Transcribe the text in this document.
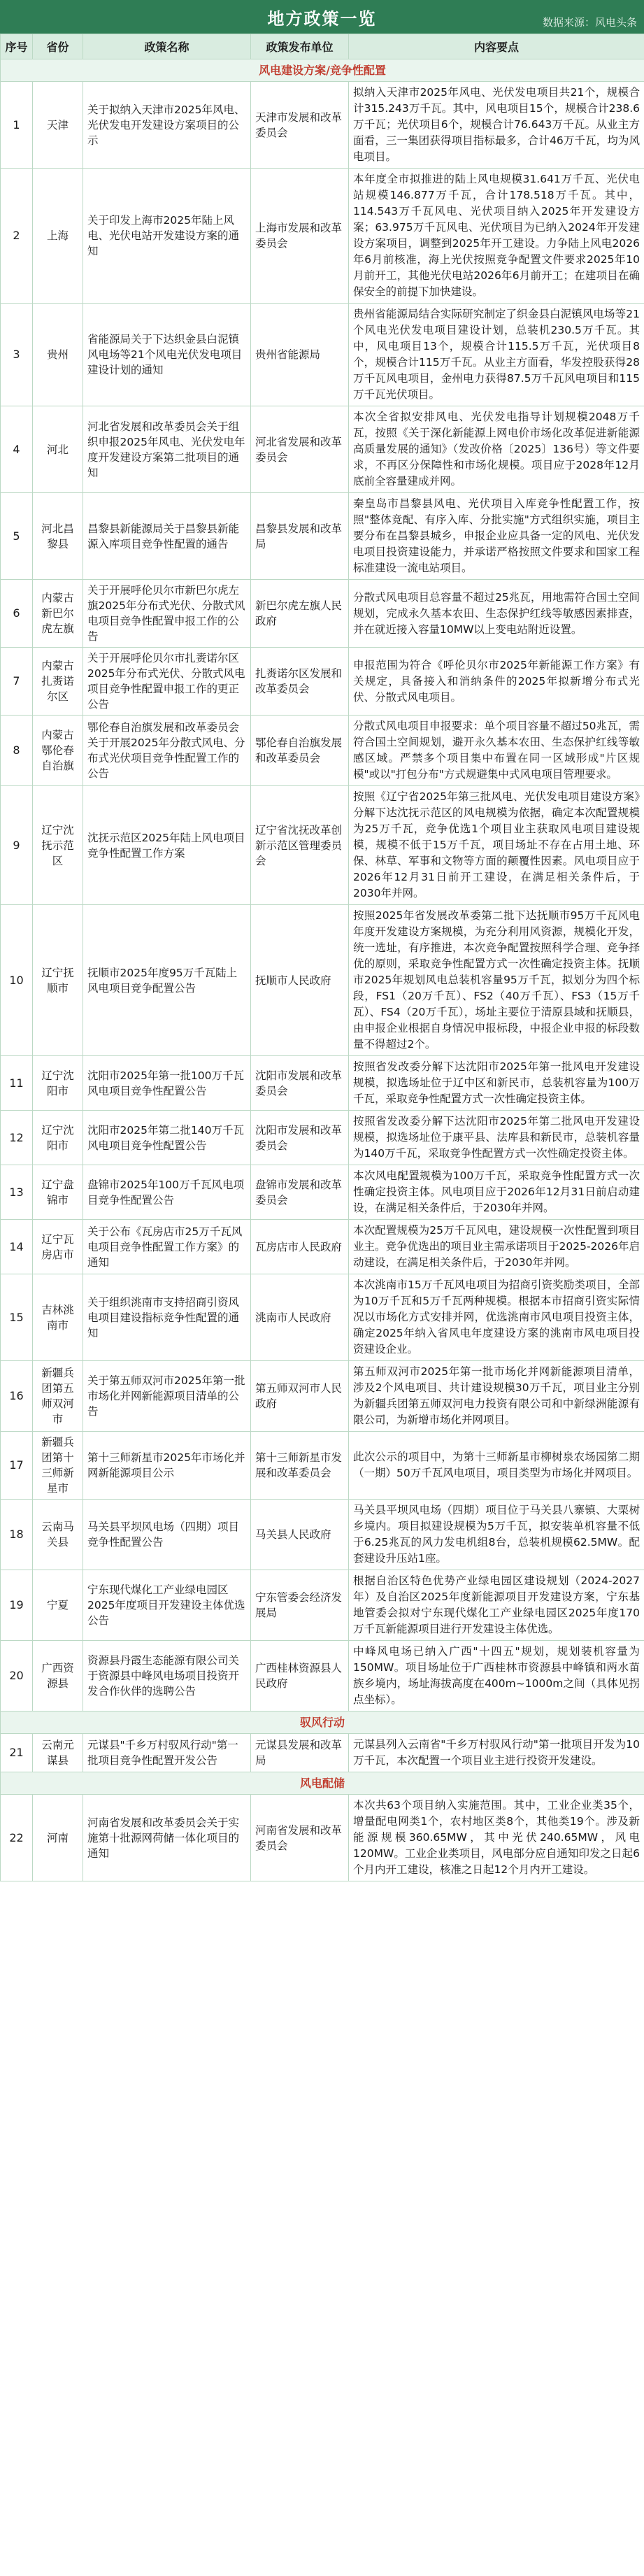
地方政策一览	数据来源：风电头条
序号	省份	政策名称	政策发布单位	内容要点
风电建设方案/竞争性配置				
1	天津	关于拟纳入天津市2025年风电、光伏发电开发建设方案项目的公示	天津市发展和改革委员会	拟纳入天津市2025年风电、光伏发电项目共21个，规模合计315.243万千瓦。其中，风电项目15个，规模合计238.6万千瓦；光伏项目6个，规模合计76.643万千瓦。从业主方面看，三一集团获得项目指标最多，合计46万千瓦，均为风电项目。
2	上海	关于印发上海市2025年陆上风电、光伏电站开发建设方案的通知	上海市发展和改革委员会	本年度全市拟推进的陆上风电规模31.641万千瓦、光伏电站规模146.877万千瓦，合计178.518万千瓦。其中，114.543万千瓦风电、光伏项目纳入2025年开发建设方案；63.975万千瓦风电、光伏项目为已纳入2024年开发建设方案项目，调整到2025年开工建设。力争陆上风电2026年6月前核准，海上光伏按照竞争配置文件要求2025年10月前开工，其他光伏电站2026年6月前开工；在建项目在确保安全的前提下加快建设。
3	贵州	省能源局关于下达织金县白泥镇风电场等21个风电光伏发电项目建设计划的通知	贵州省能源局	贵州省能源局结合实际研究制定了织金县白泥镇风电场等21个风电光伏发电项目建设计划，总装机230.5万千瓦。其中，风电项目13个，规模合计115.5万千瓦，光伏项目8个，规模合计115万千瓦。从业主方面看，华发控股获得28万千瓦风电项目，金州电力获得87.5万千瓦风电项目和115万千瓦光伏项目。
4	河北	河北省发展和改革委员会关于组织申报2025年风电、光伏发电年度开发建设方案第二批项目的通知	河北省发展和改革委员会	本次全省拟安排风电、光伏发电指导计划规模2048万千瓦，按照《关于深化新能源上网电价市场化改革促进新能源高质量发展的通知》（发改价格〔2025〕136号）等文件要求，不再区分保障性和市场化规模。项目应于2028年12月底前全容量建成并网。
5	河北昌黎县	昌黎县新能源局关于昌黎县新能源入库项目竞争性配置的通告	昌黎县发展和改革局	秦皇岛市昌黎县风电、光伏项目入库竞争性配置工作，按照"整体竞配、有序入库、分批实施"方式组织实施，项目主要分布在昌黎县城乡，申报企业应具备一定的风电、光伏发电项目投资建设能力，并承诺严格按照文件要求和国家工程标准建设一流电站项目。
6	内蒙古新巴尔虎左旗	关于开展呼伦贝尔市新巴尔虎左旗2025年分布式光伏、分散式风电项目竞争性配置申报工作的公告	新巴尔虎左旗人民政府	分散式风电项目总容量不超过25兆瓦，用地需符合国土空间规划，完成永久基本农田、生态保护红线等敏感因素排查，并在就近接入容量10MW以上变电站附近设置。
7	内蒙古扎赉诺尔区	关于开展呼伦贝尔市扎赉诺尔区2025年分布式光伏、分散式风电项目竞争性配置申报工作的更正公告	扎赉诺尔区发展和改革委员会	申报范围为符合《呼伦贝尔市2025年新能源工作方案》有关规定，具备接入和消纳条件的2025年拟新增分布式光伏、分散式风电项目。
8	内蒙古鄂伦春自治旗	鄂伦春自治旗发展和改革委员会关于开展2025年分散式风电、分布式光伏项目竞争性配置工作的公告	鄂伦春自治旗发展和改革委员会	分散式风电项目申报要求：单个项目容量不超过50兆瓦，需符合国土空间规划，避开永久基本农田、生态保护红线等敏感区域。严禁多个项目集中布置在同一区域形成"片区规模"或以"打包分布"方式规避集中式风电项目管理要求。
9	辽宁沈抚示范区	沈抚示范区2025年陆上风电项目竞争性配置工作方案	辽宁省沈抚改革创新示范区管理委员会	按照《辽宁省2025年第三批风电、光伏发电项目建设方案》分解下达沈抚示范区的风电规模为依据，确定本次配置规模为25万千瓦，竞争优选1个项目业主获取风电项目建设规模，规模不低于15万千瓦，项目场址不存在占用土地、环保、林草、军事和文物等方面的颠覆性因素。风电项目应于2026年12月31日前开工建设，在满足相关条件后，于2030年并网。
10	辽宁抚顺市	抚顺市2025年度95万千瓦陆上风电项目竞争配置公告	抚顺市人民政府	按照2025年省发展改革委第二批下达抚顺市95万千瓦风电年度开发建设方案规模，为充分利用风资源，规模化开发，统一选址，有序推进，本次竞争配置按照科学合理、竞争择优的原则，采取竞争性配置方式一次性确定投资主体。抚顺市2025年规划风电总装机容量95万千瓦，拟划分为四个标段，FS1（20万千瓦）、FS2（40万千瓦）、FS3（15万千瓦）、FS4（20万千瓦），场址主要位于清原县域和抚顺县，由申报企业根据自身情况申报标段，中报企业申报的标段数量不得超过2个。
11	辽宁沈阳市	沈阳市2025年第一批100万千瓦风电项目竞争性配置公告	沈阳市发展和改革委员会	按照省发改委分解下达沈阳市2025年第一批风电开发建设规模，拟选场址位于辽中区和新民市，总装机容量为100万千瓦，采取竞争性配置方式一次性确定投资主体。
12	辽宁沈阳市	沈阳市2025年第二批140万千瓦风电项目竞争性配置公告	沈阳市发展和改革委员会	按照省发改委分解下达沈阳市2025年第二批风电开发建设规模，拟选场址位于康平县、法库县和新民市，总装机容量为140万千瓦，采取竞争性配置方式一次性确定投资主体。
13	辽宁盘锦市	盘锦市2025年100万千瓦风电项目竞争性配置公告	盘锦市发展和改革委员会	本次风电配置规模为100万千瓦，采取竞争性配置方式一次性确定投资主体。风电项目应于2026年12月31日前启动建设，在满足相关条件后，于2030年并网。
14	辽宁瓦房店市	关于公布《瓦房店市25万千瓦风电项目竞争性配置工作方案》的通知	瓦房店市人民政府	本次配置规模为25万千瓦风电，建设规模一次性配置到项目业主。竞争优选出的项目业主需承诺项目于2025-2026年启动建设，在满足相关条件后，于2030年并网。
15	吉林洮南市	关于组织洮南市支持招商引资风电项目建设指标竞争性配置的通知	洮南市人民政府	本次洮南市15万千瓦风电项目为招商引资奖励类项目，全部为10万千瓦和5万千瓦两种规模。根据本市招商引资实际情况以市场化方式安排并网，优选洮南市风电项目投资主体，确定2025年纳入省风电年度建设方案的洮南市风电项目投资建设企业。
16	新疆兵团第五师双河市	关于第五师双河市2025年第一批市场化并网新能源项目清单的公告	第五师双河市人民政府	第五师双河市2025年第一批市场化并网新能源项目清单，涉及2个风电项目、共计建设规模30万千瓦，项目业主分别为新疆兵团第五师双河电力投资有限公司和中新绿洲能源有限公司，为新增市场化并网项目。
17	新疆兵团第十三师新星市	第十三师新星市2025年市场化并网新能源项目公示	第十三师新星市发展和改革委员会	此次公示的项目中，为第十三师新星市柳树泉农场园第二期（一期）50万千瓦风电项目，项目类型为市场化并网项目。
18	云南马关县	马关县平坝风电场（四期）项目竞争性配置公告	马关县人民政府	马关县平坝风电场（四期）项目位于马关县八寨镇、大栗树乡境内。项目拟建设规模为5万千瓦，拟安装单机容量不低于6.25兆瓦的风力发电机组8台，总装机规模62.5MW。配套建设升压站1座。
19	宁夏	宁东现代煤化工产业绿电园区2025年度项目开发建设主体优选公告	宁东管委会经济发展局	根据自治区特色优势产业绿电园区建设规划（2024-2027年）及自治区2025年度新能源项目开发建设方案，宁东基地管委会拟对宁东现代煤化工产业绿电园区2025年度170万千瓦新能源项目进行开发建设主体优选。
20	广西资源县	资源县丹霞生态能源有限公司关于资源县中峰风电场项目投资开发合作伙伴的选聘公告	广西桂林资源县人民政府	中峰风电场已纳入广西"十四五"规划，规划装机容量为150MW。项目场址位于广西桂林市资源县中峰镇和两水苗族乡境内，场址海拔高度在400m~1000m之间（具体见拐点坐标）。
驭风行动				
21	云南元谋县	元谋县"千乡万村驭风行动"第一批项目竞争性配置开发公告	元谋县发展和改革局	元谋县列入云南省"千乡万村驭风行动"第一批项目开发为10万千瓦，本次配置一个项目业主进行投资开发建设。
风电配储				
22	河南	河南省发展和改革委员会关于实施第十批源网荷储一体化项目的通知	河南省发展和改革委员会	本次共63个项目纳入实施范围。其中，工业企业类35个，增量配电网类1个，农村地区类8个，其他类19个。涉及新能源规模360.65MW，其中光伏240.65MW，风电120MW。工业企业类项目，风电部分应自通知印发之日起6个月内开工建设，核准之日起12个月内开工建设。
